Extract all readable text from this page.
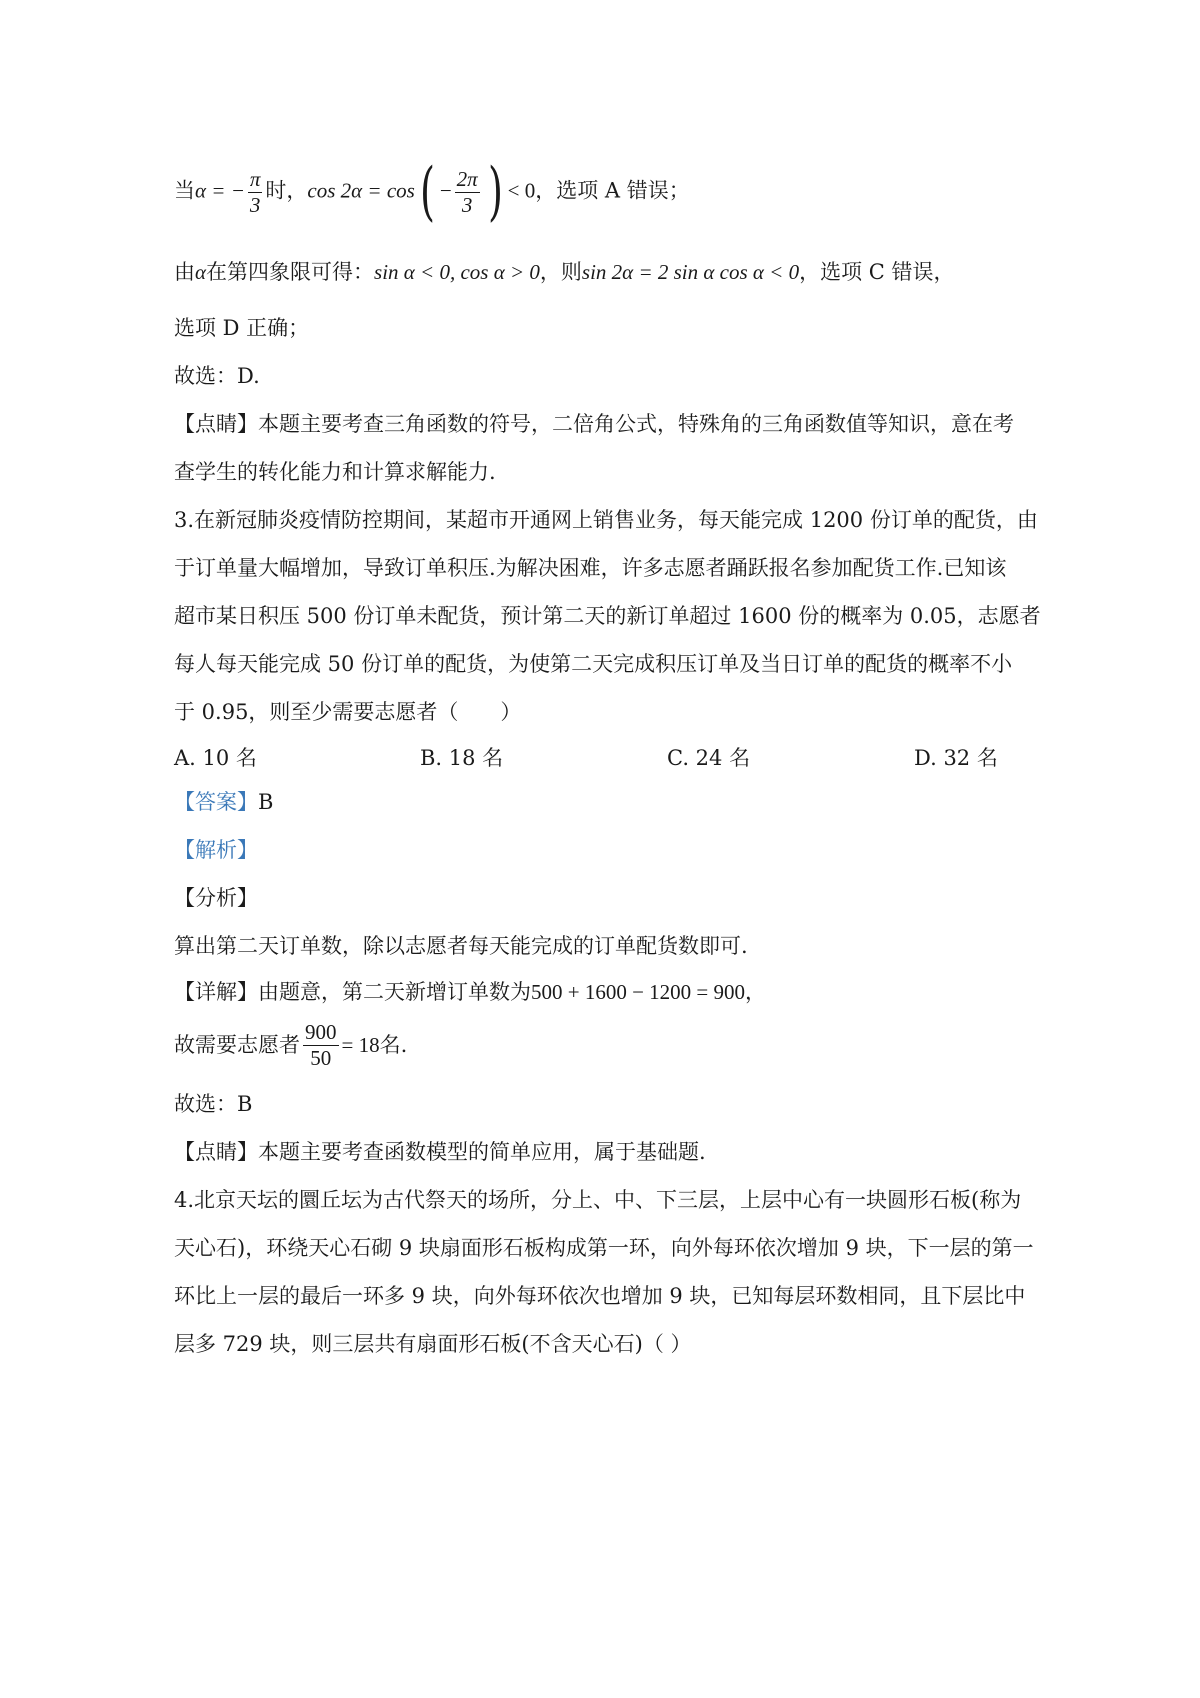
当α = − $\frac{\pi}{3}$ 时，$\cos 2\alpha = \cos( - \frac{2\pi}{3}$ ) < 0，选项 A 错误；
由α在第四象限可得：sin α < 0, cos α > 0，则sin 2α = 2 sin α cos α < 0，选项 C 错误，
选项 D 正确；
故选：D.
【点睛】本题主要考查三角函数的符号，二倍角公式，特殊角的三角函数值等知识，意在考
查学生的转化能力和计算求解能力.
3.在新冠肺炎疫情防控期间，某超市开通网上销售业务，每天能完成 1200 份订单的配货，由
于订单量大幅增加，导致订单积压.为解决困难，许多志愿者踊跃报名参加配货工作.已知该
超市某日积压 500 份订单未配货，预计第二天的新订单超过 1600 份的概率为 0.05，志愿者
每人每天能完成 50 份订单的配货，为使第二天完成积压订单及当日订单的配货的概率不小
于 0.95，则至少需要志愿者（　　）
A. 10 名	B. 18 名	C. 24 名	D. 32 名
【答案】B
【解析】
【分析】
算出第二天订单数，除以志愿者每天能完成的订单配货数即可.
【详解】由题意，第二天新增订单数为500 + 1600 − 1200 = 900，
故需要志愿者 $\frac{900}{50} = 18$名.
故选：B
【点睛】本题主要考查函数模型的简单应用，属于基础题.
4.北京天坛的圜丘坛为古代祭天的场所，分上、中、下三层，上层中心有一块圆形石板(称为
天心石)，环绕天心石砌 9 块扇面形石板构成第一环，向外每环依次增加 9 块，下一层的第一
环比上一层的最后一环多 9 块，向外每环依次也增加 9 块，已知每层环数相同，且下层比中
层多 729 块，则三层共有扇面形石板(不含天心石)（ ）
